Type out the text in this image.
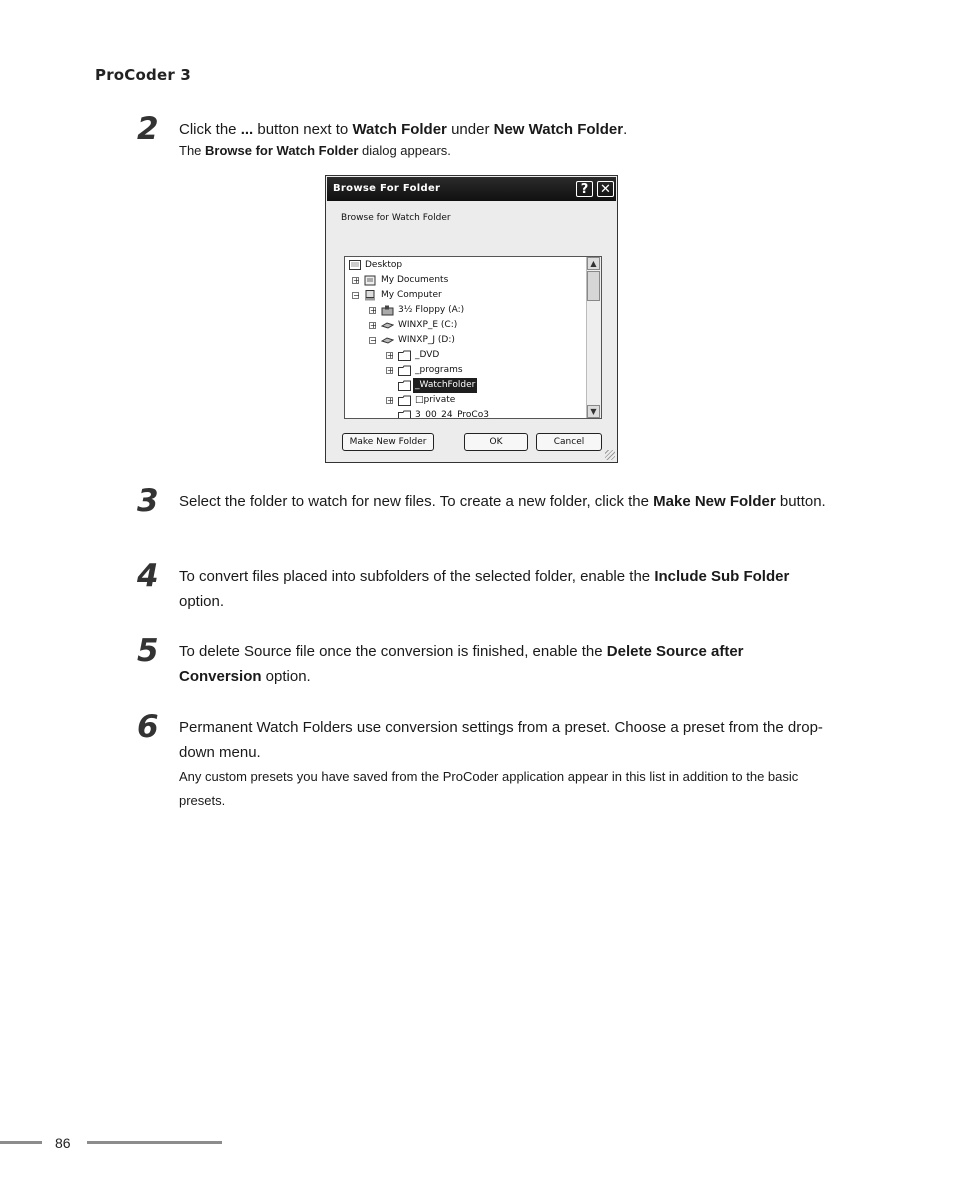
ProCoder 3
2 Click the ... button next to Watch Folder under New Watch Folder.
The Browse for Watch Folder dialog appears.
Browse For Folder	? ✕
Browse for Watch Folder
Desktop
+ My Documents
− My Computer
+ 3½ Floppy (A:)
+ WINXP_E (C:)
− WINXP_J (D:)
+ _DVD
+ _programs
_WatchFolder
+ □private
3_00_24_ProCo3
▲
▼
Make New Folder	OK	Cancel
3 Select the folder to watch for new files. To create a new folder, click the Make New Folder button.
4 To convert files placed into subfolders of the selected folder, enable the Include Sub Folder option.
5 To delete Source file once the conversion is finished, enable the Delete Source after Conversion option.
6 Permanent Watch Folders use conversion settings from a preset. Choose a preset from the drop-down menu.
Any custom presets you have saved from the ProCoder application appear in this list in addition to the basic presets.
86
